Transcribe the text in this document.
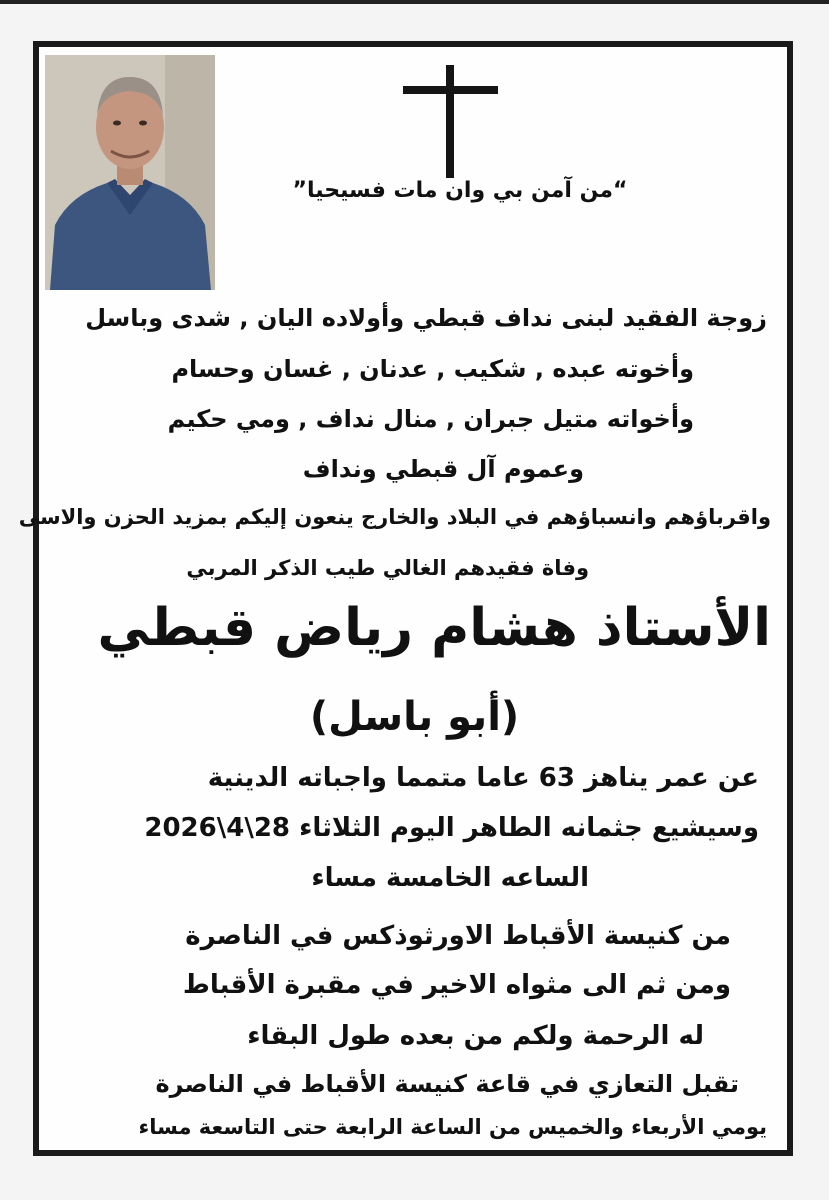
“من آمن بي وان مات فسيحيا”
زوجة الفقيد لبنى نداف قبطي وأولاده اليان , شدى وباسل
وأخوته عبده , شكيب , عدنان , غسان وحسام
وأخواته متيل جبران , منال نداف , ومي حكيم
وعموم آل قبطي ونداف
واقرباؤهم وانسباؤهم في البلاد والخارج ينعون إليكم بمزيد الحزن والاسى
وفاة فقيدهم الغالي طيب الذكر المربي
الأستاذ هشام رياض قبطي
(أبو باسل)
عن عمر يناهز 63 عاما متمما واجباته الدينية
وسيشيع جثمانه الطاهر اليوم الثلاثاء 28\4\2026
الساعه الخامسة مساء
من كنيسة الأقباط الاورثوذكس في الناصرة
ومن ثم الى مثواه الاخير في مقبرة الأقباط
له الرحمة ولكم من بعده طول البقاء
تقبل التعازي في قاعة كنيسة الأقباط في الناصرة
يومي الأربعاء والخميس من الساعة الرابعة حتى التاسعة مساء
